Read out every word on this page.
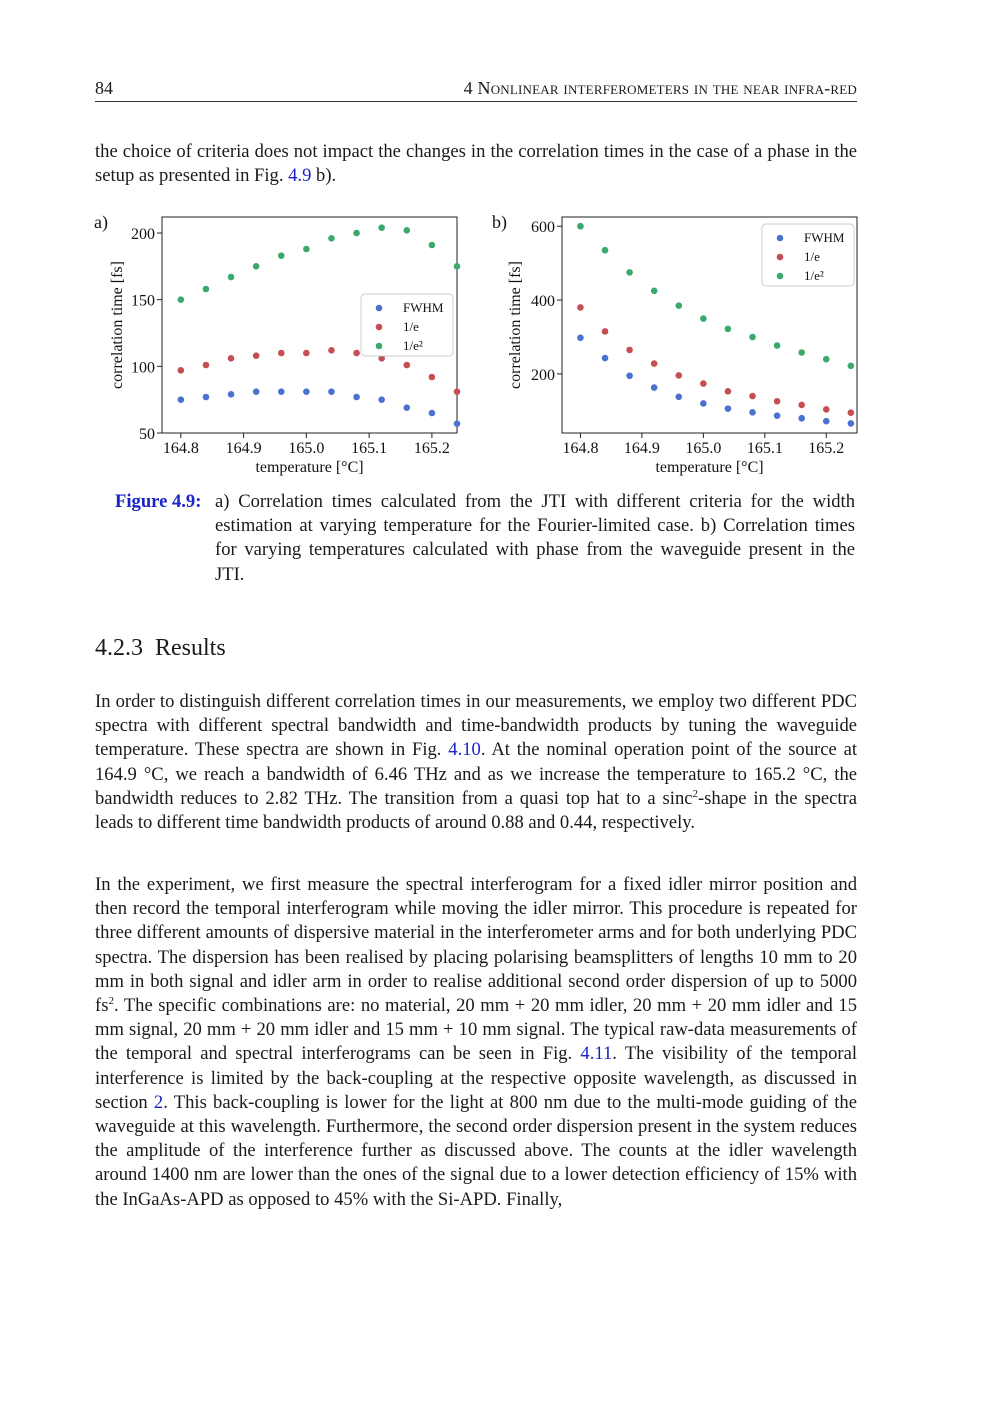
84	4 Nonlinear interferometers in the near infra-red

the choice of criteria does not impact the changes in the correlation times in the case of a phase in the setup as presented in Fig. 4.9 b).

a)
50
100
150
200
164.8 164.9 165.0 165.1 165.2
temperature [°C]
correlation time [fs]	FWHM
1/e
1/e²
b)
200
400
600
164.8 164.9 165.0 165.1 165.2
temperature [°C]
correlation time [fs]
FWHM
1/e
1/e²
Figure 4.9: a) Correlation times calculated from the JTI with different criteria for the width estimation at varying temperature for the Fourier-limited case. b) Correlation times for varying temperatures calculated with phase from the waveguide present in the JTI.
4.2.3 Results

In order to distinguish different correlation times in our measurements, we employ two different PDC spectra with different spectral bandwidth and time-bandwidth products by tuning the waveguide temperature. These spectra are shown in Fig. 4.10. At the nominal operation point of the source at 164.9 °C, we reach a bandwidth of 6.46 THz and as we increase the temperature to 165.2 °C, the bandwidth reduces to 2.82 THz. The transition from a quasi top hat to a sinc$^2$-shape in the spectra leads to different time bandwidth products of around 0.88 and 0.44, respectively.

In the experiment, we first measure the spectral interferogram for a fixed idler mirror position and then record the temporal interferogram while moving the idler mirror. This procedure is repeated for three different amounts of dispersive material in the interferometer arms and for both underlying PDC spectra. The dispersion has been realised by placing polarising beamsplitters of lengths 10 mm to 20 mm in both signal and idler arm in order to realise additional second order dispersion of up to 5000 $fs^2$. The specific combinations are: no material, 20 mm + 20 mm idler, 20 mm + 20 mm idler and 15 mm signal, 20 mm + 20 mm idler and 15 mm + 10 mm signal. The typical raw-data measurements of the temporal and spectral interferograms can be seen in Fig. 4.11. The visibility of the temporal interference is limited by the back-coupling at the respective opposite wavelength, as discussed in section 2. This back-coupling is lower for the light at 800 nm due to the multi-mode guiding of the waveguide at this wavelength. Furthermore, the second order dispersion present in the system reduces the amplitude of the interference further as discussed above. The counts at the idler wavelength around 1400 nm are lower than the ones of the signal due to a lower detection efficiency of 15% with the InGaAs-APD as opposed to 45% with the Si-APD. Finally,
